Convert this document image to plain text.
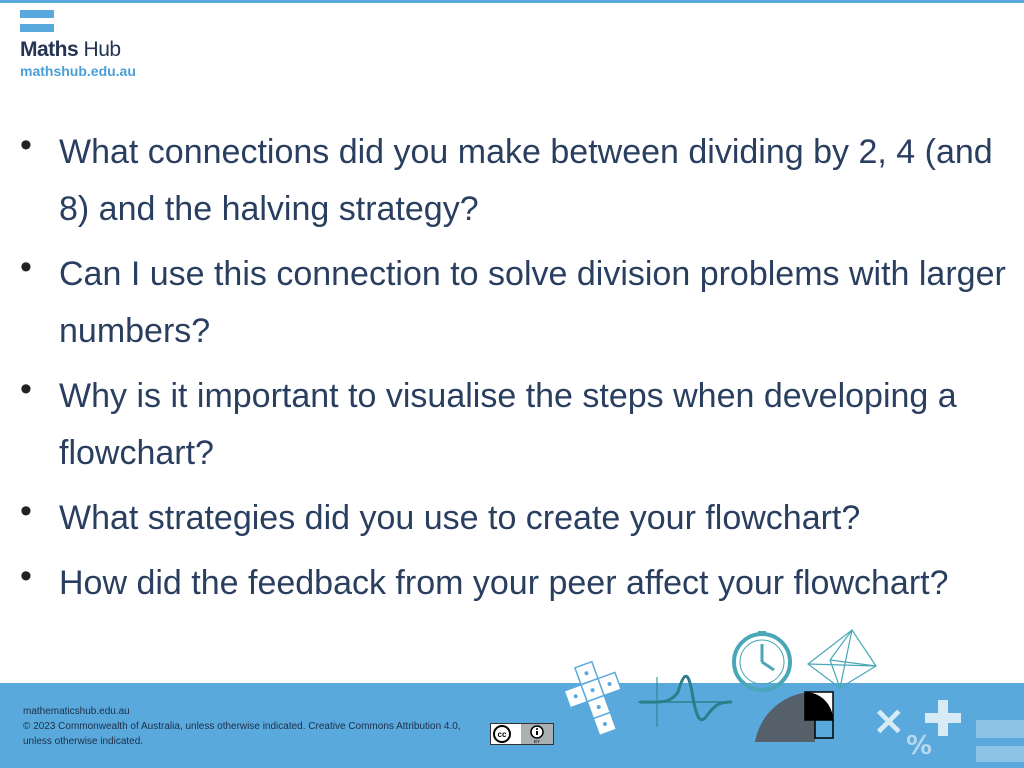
Maths Hub
mathshub.edu.au
• What connections did you make between dividing by 2, 4 (and 8) and the halving strategy?
• Can I use this connection to solve division problems with larger numbers?
• Why is it important to visualise the steps when developing a flowchart?
• What strategies did you use to create your flowchart?
• How did the feedback from your peer affect your flowchart?
mathematicshub.edu.au
© 2023 Commonwealth of Australia, unless otherwise indicated. Creative Commons Attribution 4.0,
unless otherwise indicated.
cc
BY	×
%
